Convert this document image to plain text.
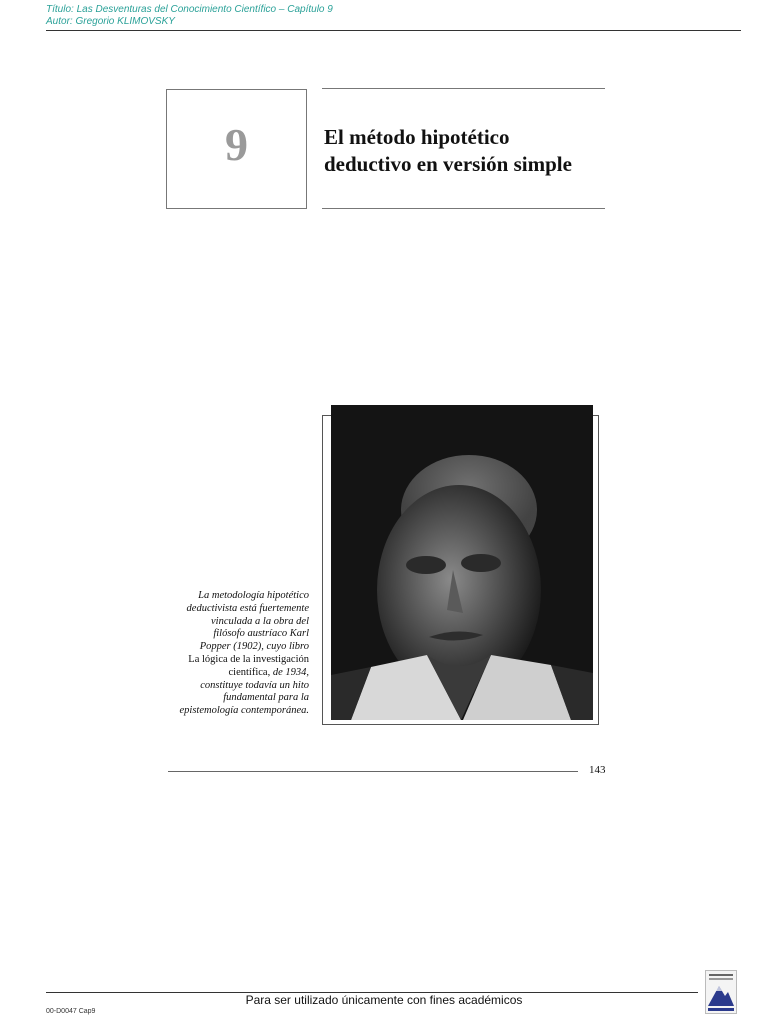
Título: Las Desventuras del Conocimiento Científico – Capítulo 9
Autor: Gregorio KLIMOVSKY
9	El método hipotético
deductivo en versión simple
La metodología hipotético
deductivista está fuertemente
vinculada a la obra del
filósofo austríaco Karl
Popper (1902), cuyo libro
La lógica de la investigación
científica, de 1934,
constituye todavía un hito
fundamental para la
epistemología contemporánea.
143
Para ser utilizado únicamente con fines académicos
00-D0047 Cap9
